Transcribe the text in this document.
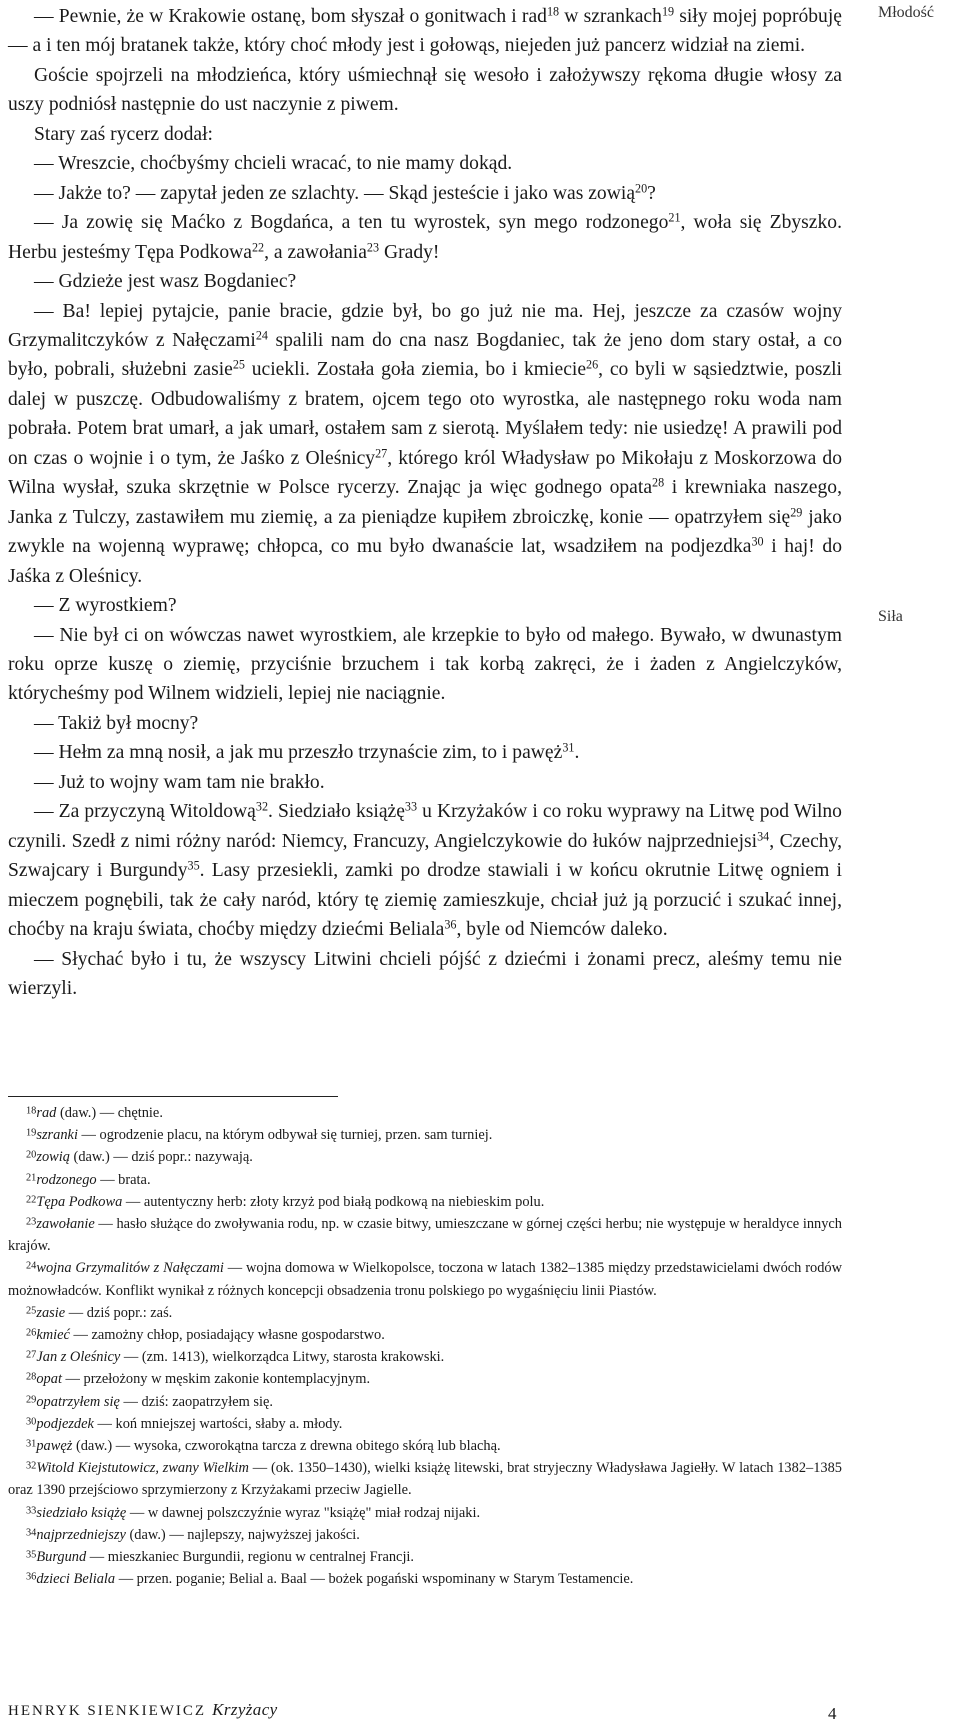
— Pewnie, że w Krakowie ostanę, bom słyszał o gonitwach i rad$^{18}$ w szrankach$^{19}$ siły mojej popróbuję — a i ten mój bratanek także, który choć młody jest i gołowąs, niejeden już pancerz widział na ziemi.

Goście spojrzeli na młodzieńca, który uśmiechnął się wesoło i założywszy rękoma długie włosy za uszy podniósł następnie do ust naczynie z piwem.

Stary zaś rycerz dodał:

— Wreszcie, choćbyśmy chcieli wracać, to nie mamy dokąd.

— Jakże to? — zapytał jeden ze szlachty. — Skąd jesteście i jako was zowią$^{20}$?

— Ja zowię się Maćko z Bogdańca, a ten tu wyrostek, syn mego rodzonego$^{21}$, woła się Zbyszko. Herbu jesteśmy Tępa Podkowa$^{22}$, a zawołania$^{23}$ Grady!

— Gdzieże jest wasz Bogdaniec?

— Ba! lepiej pytajcie, panie bracie, gdzie był, bo go już nie ma. Hej, jeszcze za czasów wojny Grzymalitczyków z Nałęczami$^{24}$ spalili nam do cna nasz Bogdaniec, tak że jeno dom stary ostał, a co było, pobrali, służebni zasie$^{25}$ uciekli. Została goła ziemia, bo i kmiecie$^{26}$, co byli w sąsiedztwie, poszli dalej w puszczę. Odbudowaliśmy z bratem, ojcem tego oto wyrostka, ale następnego roku woda nam pobrała. Potem brat umarł, a jak umarł, ostałem sam z sierotą. Myślałem tedy: nie usiedzę! A prawili pod on czas o wojnie i o tym, że Jaśko z Oleśnicy$^{27}$, którego król Władysław po Mikołaju z Moskorzowa do Wilna wysłał, szuka skrzętnie w Polsce rycerzy. Znając ja więc godnego opata$^{28}$ i krewniaka naszego, Janka z Tulczy, zastawiłem mu ziemię, a za pieniądze kupiłem zbroiczkę, konie — opatrzyłem się$^{29}$ jako zwykle na wojenną wyprawę; chłopca, co mu było dwanaście lat, wsadziłem na podjezdka$^{30}$ i haj! do Jaśka z Oleśnicy.

— Z wyrostkiem?

— Nie był ci on wówczas nawet wyrostkiem, ale krzepkie to było od małego. Bywało, w dwunastym roku oprze kuszę o ziemię, przyciśnie brzuchem i tak korbą zakręci, że i żaden z Angielczyków, którycheśmy pod Wilnem widzieli, lepiej nie naciągnie.

— Takiż był mocny?

— Hełm za mną nosił, a jak mu przeszło trzynaście zim, to i pawęż$^{31}$.

— Już to wojny wam tam nie brakło.

— Za przyczyną Witoldową$^{32}$. Siedziało książę$^{33}$ u Krzyżaków i co roku wyprawy na Litwę pod Wilno czynili. Szedł z nimi różny naród: Niemcy, Francuzy, Angielczykowie do łuków najprzedniejsi$^{34}$, Czechy, Szwajcary i Burgundy$^{35}$. Lasy przesiekli, zamki po drodze stawiali i w końcu okrutnie Litwę ogniem i mieczem pognębili, tak że cały naród, który tę ziemię zamieszkuje, chciał już ją porzucić i szukać innej, choćby na kraju świata, choćby między dziećmi Beliala$^{36}$, byle od Niemców daleko.

— Słychać było i tu, że wszyscy Litwini chcieli pójść z dziećmi i żonami precz, aleśmy temu nie wierzyli.

Młodość
Siła

$^{18}$rad (daw.) — chętnie.

$^{19}$szranki — ogrodzenie placu, na którym odbywał się turniej, przen. sam turniej.

$^{20}$zowią (daw.) — dziś popr.: nazywają.

$^{21}$rodzonego — brata.

$^{22}$Tępa Podkowa — autentyczny herb: złoty krzyż pod białą podkową na niebieskim polu.

$^{23}$zawołanie — hasło służące do zwoływania rodu, np. w czasie bitwy, umieszczane w górnej części herbu; nie występuje w heraldyce innych krajów.

$^{24}$wojna Grzymalitów z Nałęczami — wojna domowa w Wielkopolsce, toczona w latach 1382–1385 między przedstawicielami dwóch rodów możnowładców. Konflikt wynikał z różnych koncepcji obsadzenia tronu polskiego po wygaśnięciu linii Piastów.

$^{25}$zasie — dziś popr.: zaś.

$^{26}$kmieć — zamożny chłop, posiadający własne gospodarstwo.

$^{27}$Jan z Oleśnicy — (zm. 1413), wielkorządca Litwy, starosta krakowski.

$^{28}$opat — przełożony w męskim zakonie kontemplacyjnym.

$^{29}$opatrzyłem się — dziś: zaopatrzyłem się.

$^{30}$podjezdek — koń mniejszej wartości, słaby a. młody.

$^{31}$pawęż (daw.) — wysoka, czworokątna tarcza z drewna obitego skórą lub blachą.

$^{32}$Witold Kiejstutowicz, zwany Wielkim — (ok. 1350–1430), wielki książę litewski, brat stryjeczny Władysława Jagiełły. W latach 1382–1385 oraz 1390 przejściowo sprzymierzony z Krzyżakami przeciw Jagielle.

$^{33}$siedziało książę — w dawnej polszczyźnie wyraz "książę" miał rodzaj nijaki.

$^{34}$najprzedniejszy (daw.) — najlepszy, najwyższej jakości.

$^{35}$Burgund — mieszkaniec Burgundii, regionu w centralnej Francji.

$^{36}$dzieci Beliala — przen. poganie; Belial a. Baal — bożek pogański wspominany w Starym Testamencie.

HENRYK SIENKIEWICZ Krzyżacy	4
